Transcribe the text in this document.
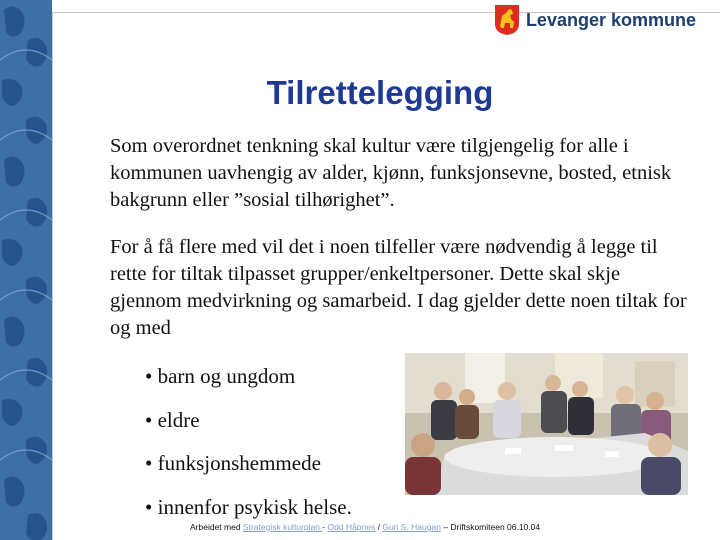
Levanger kommune
Tilrettelegging
Som overordnet tenkning skal kultur være tilgjengelig for alle i kommunen uavhengig av alder, kjønn, funksjonsevne, bosted, etnisk bakgrunn eller ”sosial tilhørighet”.
For å få flere med vil det i noen tilfeller være nødvendig å legge til rette for tiltak tilpasset grupper/enkeltpersoner. Dette skal skje gjennom medvirkning og samarbeid. I dag gjelder dette noen tiltak for og med
• barn og ungdom
• eldre
• funksjonshemmede
• innenfor psykisk helse.
Arbeidet med Strategisk kulturplan - Odd Håpnes / Guri S. Haugan – Driftskomiteen 06.10.04
